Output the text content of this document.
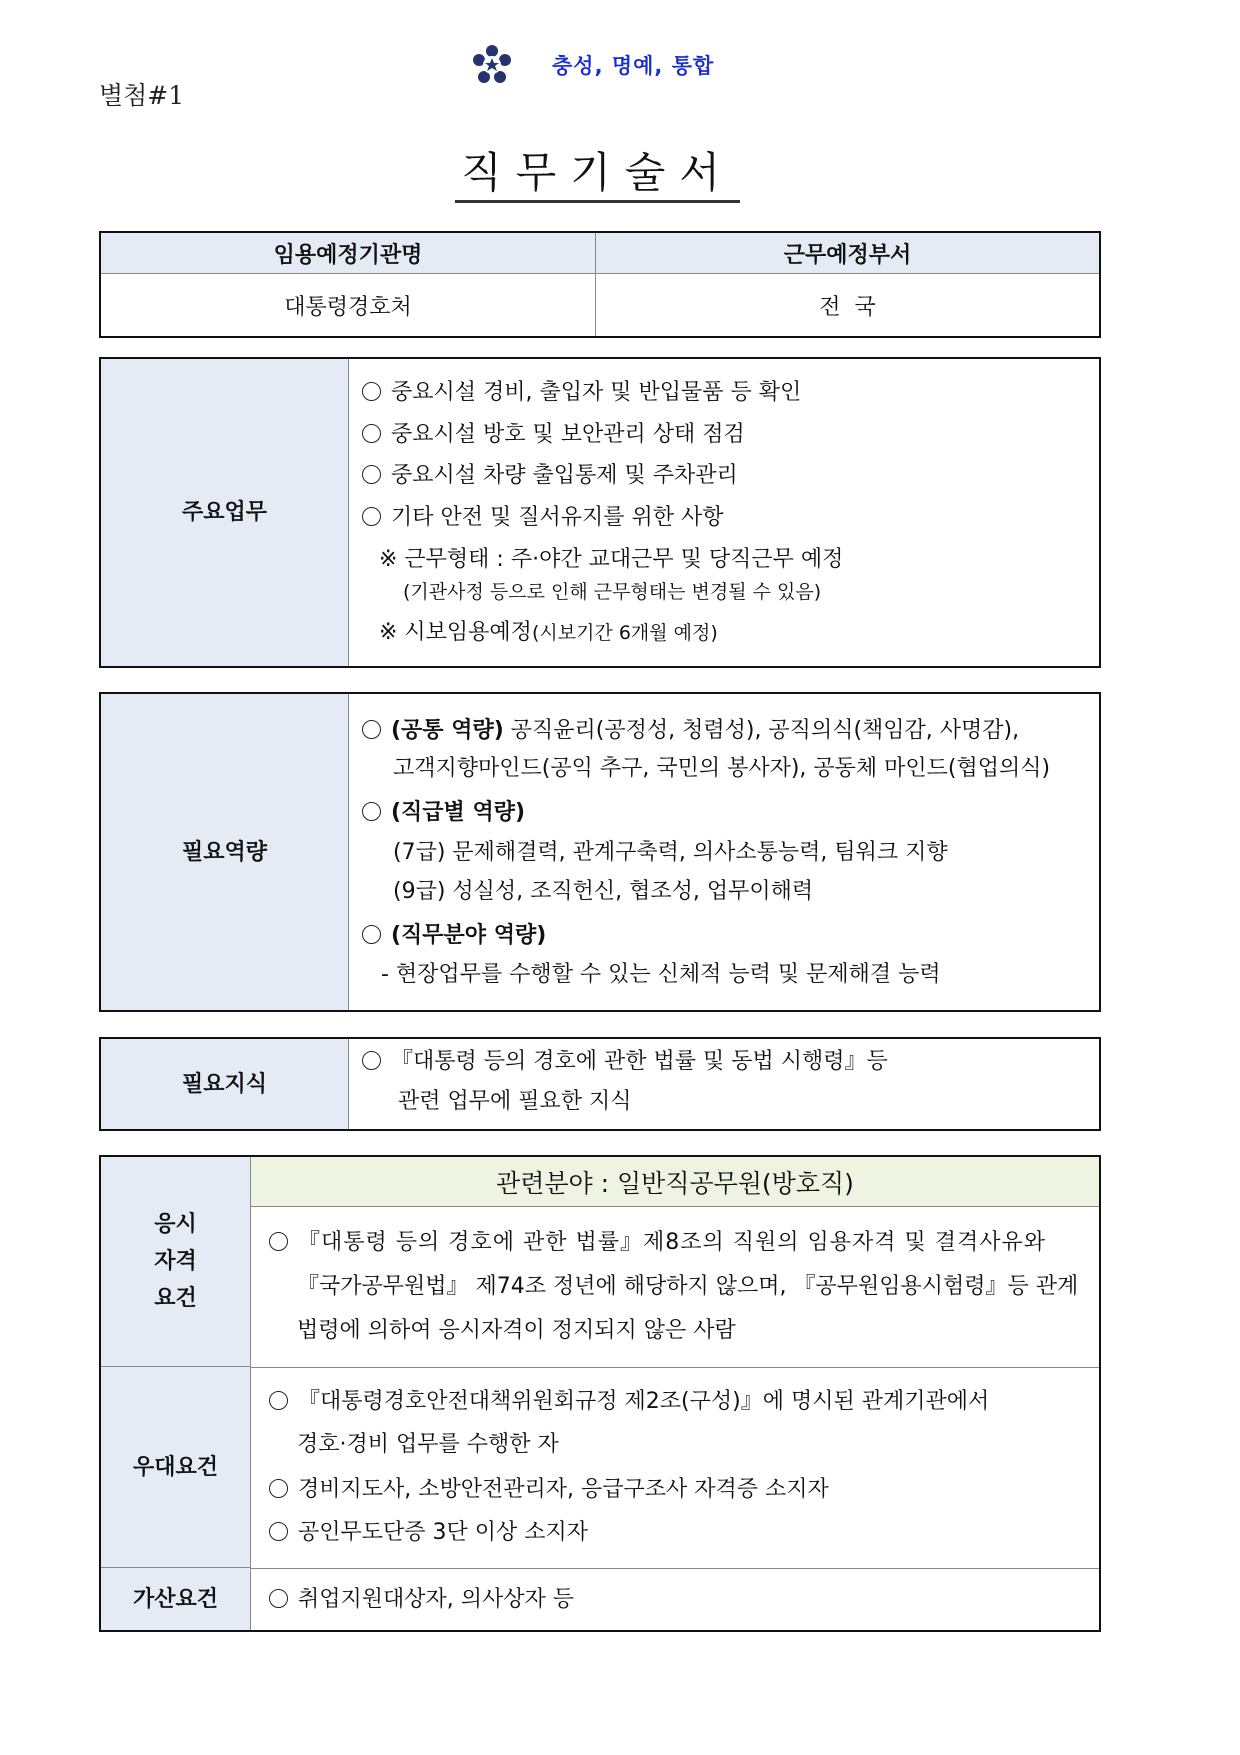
별첨#1
충성, 명예, 통합
직무기술서
임용예정기관명	근무예정부서
대통령경호처	전  국
주요업무
중요시설 경비, 출입자 및 반입물품 등 확인
중요시설 방호 및 보안관리 상태 점검
중요시설 차량 출입통제 및 주차관리
기타 안전 및 질서유지를 위한 사항
※ 근무형태 : 주·야간 교대근무 및 당직근무 예정
(기관사정 등으로 인해 근무형태는 변경될 수 있음)
※ 시보임용예정(시보기간 6개월 예정)
필요역량
(공통 역량) 공직윤리(공정성, 청렴성), 공직의식(책임감, 사명감),
고객지향마인드(공익 추구, 국민의 봉사자), 공동체 마인드(협업의식)
(직급별 역량)
(7급) 문제해결력, 관계구축력, 의사소통능력, 팀워크 지향
(9급) 성실성, 조직헌신, 협조성, 업무이해력
(직무분야 역량)
- 현장업무를 수행할 수 있는 신체적 능력 및 문제해결 능력
필요지식
『대통령 등의 경호에 관한 법률 및 동법 시행령』등
관련 업무에 필요한 지식
응시
자격
요건
우대요건
가산요건
관련분야 : 일반직공무원(방호직)
『대통령 등의 경호에 관한 법률』제8조의 직원의 임용자격 및 결격사유와
『국가공무원법』 제74조 정년에 해당하지 않으며, 『공무원임용시험령』등 관계
법령에 의하여 응시자격이 정지되지 않은 사람
『대통령경호안전대책위원회규정 제2조(구성)』에 명시된 관계기관에서
경호·경비 업무를 수행한 자
경비지도사, 소방안전관리자, 응급구조사 자격증 소지자
공인무도단증 3단 이상 소지자
취업지원대상자, 의사상자 등
